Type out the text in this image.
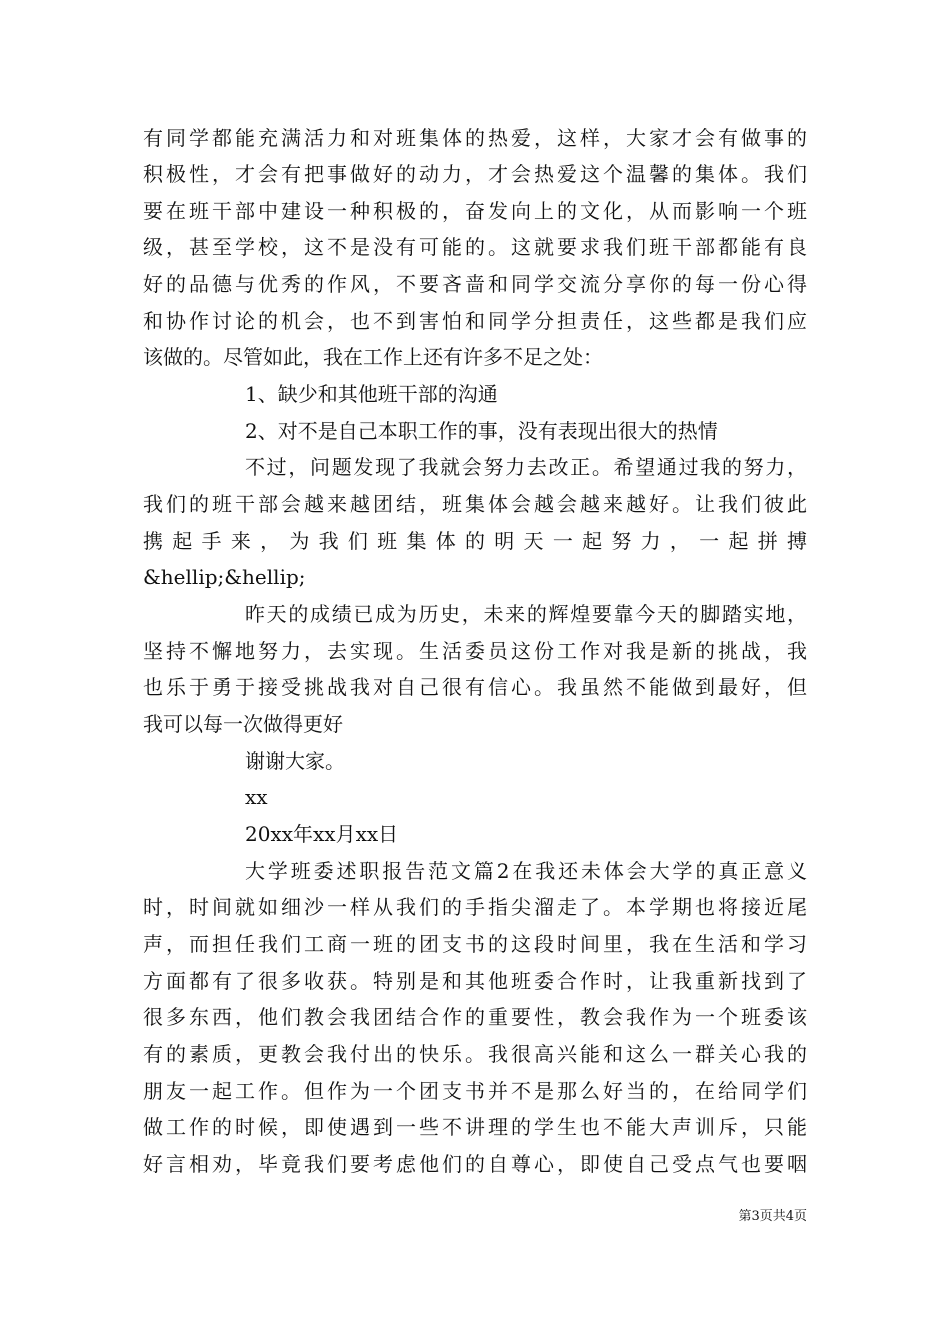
有同学都能充满活力和对班集体的热爱，这样，大家才会有做事的
积极性，才会有把事做好的动力，才会热爱这个温馨的集体。我们
要在班干部中建设一种积极的，奋发向上的文化，从而影响一个班
级，甚至学校，这不是没有可能的。这就要求我们班干部都能有良
好的品德与优秀的作风，不要吝啬和同学交流分享你的每一份心得
和协作讨论的机会，也不到害怕和同学分担责任，这些都是我们应
该做的。尽管如此，我在工作上还有许多不足之处：
1、缺少和其他班干部的沟通
2、对不是自己本职工作的事，没有表现出很大的热情
不过，问题发现了我就会努力去改正。希望通过我的努力，
我们的班干部会越来越团结，班集体会越会越来越好。让我们彼此
携起手来，为我们班集体的明天一起努力，一起拼搏
&hellip;&hellip;
昨天的成绩已成为历史，未来的辉煌要靠今天的脚踏实地，
坚持不懈地努力，去实现。生活委员这份工作对我是新的挑战，我
也乐于勇于接受挑战我对自己很有信心。我虽然不能做到最好，但
我可以每一次做得更好
谢谢大家。
xx
20xx年xx月xx日
大学班委述职报告范文篇2在我还未体会大学的真正意义
时，时间就如细沙一样从我们的手指尖溜走了。本学期也将接近尾
声，而担任我们工商一班的团支书的这段时间里，我在生活和学习
方面都有了很多收获。特别是和其他班委合作时，让我重新找到了
很多东西，他们教会我团结合作的重要性，教会我作为一个班委该
有的素质，更教会我付出的快乐。我很高兴能和这么一群关心我的
朋友一起工作。但作为一个团支书并不是那么好当的，在给同学们
做工作的时候，即使遇到一些不讲理的学生也不能大声训斥，只能
好言相劝，毕竟我们要考虑他们的自尊心，即使自己受点气也要咽
第3页共4页
